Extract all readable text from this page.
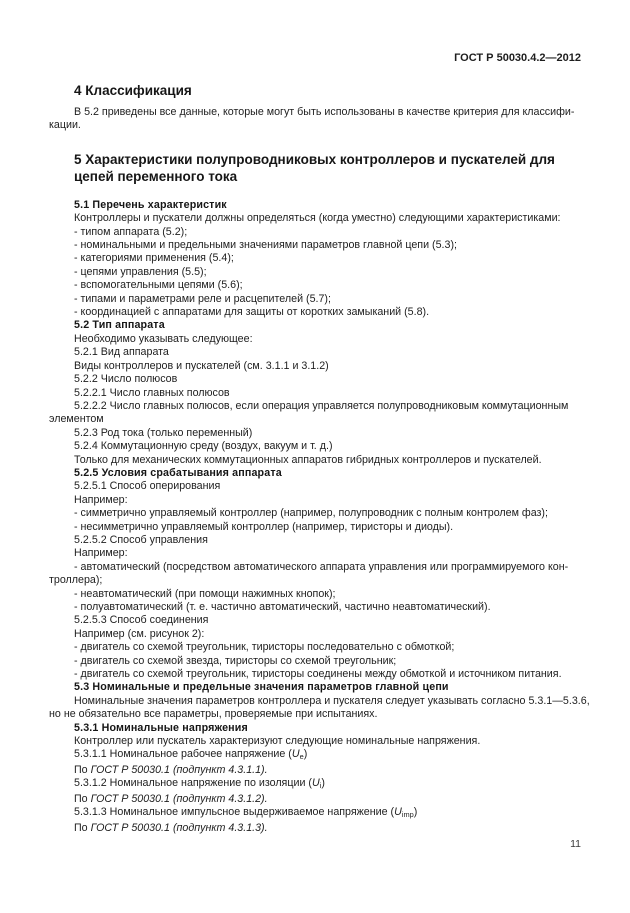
ГОСТ Р 50030.4.2—2012
4 Классификация
В 5.2 приведены все данные, которые могут быть использованы в качестве критерия для классифи-
кации.
5 Характеристики полупроводниковых контроллеров и пускателей для
цепей переменного тока
5.1 Перечень характеристик
Контроллеры и пускатели должны определяться (когда уместно) следующими характеристиками:
- типом аппарата (5.2);
- номинальными и предельными значениями параметров главной цепи (5.3);
- категориями применения (5.4);
- цепями управления (5.5);
- вспомогательными цепями (5.6);
- типами и параметрами реле и расцепителей (5.7);
- координацией с аппаратами для защиты от коротких замыканий (5.8).
5.2 Тип аппарата
Необходимо указывать следующее:
5.2.1 Вид аппарата
Виды контроллеров и пускателей (см. 3.1.1 и 3.1.2)
5.2.2 Число полюсов
5.2.2.1 Число главных полюсов
5.2.2.2 Число главных полюсов, если операция управляется полупроводниковым коммутационным
элементом
5.2.3 Род тока (только переменный)
5.2.4 Коммутационную среду (воздух, вакуум и т. д.)
Только для механических коммутационных аппаратов гибридных контроллеров и пускателей.
5.2.5 Условия срабатывания аппарата
5.2.5.1 Способ оперирования
Например:
- симметрично управляемый контроллер (например, полупроводник с полным контролем фаз);
- несимметрично управляемый контроллер (например, тиристоры и диоды).
5.2.5.2 Способ управления
Например:
- автоматический (посредством автоматического аппарата управления или программируемого кон-
троллера);
- неавтоматический (при помощи нажимных кнопок);
- полуавтоматический (т. е. частично автоматический, частично неавтоматический).
5.2.5.3 Способ соединения
Например (см. рисунок 2):
- двигатель со схемой треугольник, тиристоры последовательно с обмоткой;
- двигатель со схемой звезда, тиристоры со схемой треугольник;
- двигатель со схемой треугольник, тиристоры соединены между обмоткой и источником питания.
5.3 Номинальные и предельные значения параметров главной цепи
Номинальные значения параметров контроллера и пускателя следует указывать согласно 5.3.1—5.3.6,
но не обязательно все параметры, проверяемые при испытаниях.
5.3.1 Номинальные напряжения
Контроллер или пускатель характеризуют следующие номинальные напряжения.
5.3.1.1 Номинальное рабочее напряжение (Ue)
По ГОСТ Р 50030.1 (подпункт 4.3.1.1).
5.3.1.2 Номинальное напряжение по изоляции (Ui)
По ГОСТ Р 50030.1 (подпункт 4.3.1.2).
5.3.1.3 Номинальное импульсное выдерживаемое напряжение (Uimp)
По ГОСТ Р 50030.1 (подпункт 4.3.1.3).
11
